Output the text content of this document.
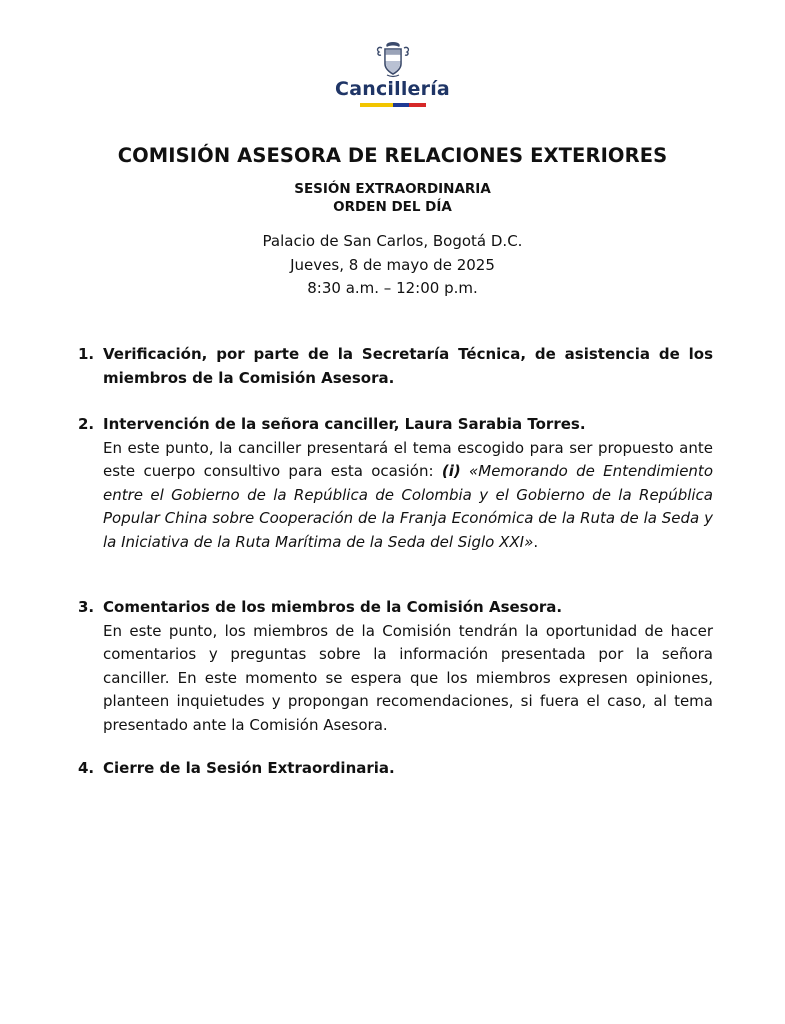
Cancillería
COMISIÓN ASESORA DE RELACIONES EXTERIORES
SESIÓN EXTRAORDINARIA
ORDEN DEL DÍA
Palacio de San Carlos, Bogotá D.C.
Jueves, 8 de mayo de 2025
8:30 a.m. – 12:00 p.m.
1. Verificación, por parte de la Secretaría Técnica, de asistencia de los miembros de la Comisión Asesora.
2. Intervención de la señora canciller, Laura Sarabia Torres.
En este punto, la canciller presentará el tema escogido para ser propuesto ante este cuerpo consultivo para esta ocasión: (i) «Memorando de Entendimiento entre el Gobierno de la República de Colombia y el Gobierno de la República Popular China sobre Cooperación de la Franja Económica de la Ruta de la Seda y la Iniciativa de la Ruta Marítima de la Seda del Siglo XXI».
3. Comentarios de los miembros de la Comisión Asesora.
En este punto, los miembros de la Comisión tendrán la oportunidad de hacer comentarios y preguntas sobre la información presentada por la señora canciller. En este momento se espera que los miembros expresen opiniones, planteen inquietudes y propongan recomendaciones, si fuera el caso, al tema presentado ante la Comisión Asesora.
4. Cierre de la Sesión Extraordinaria.
